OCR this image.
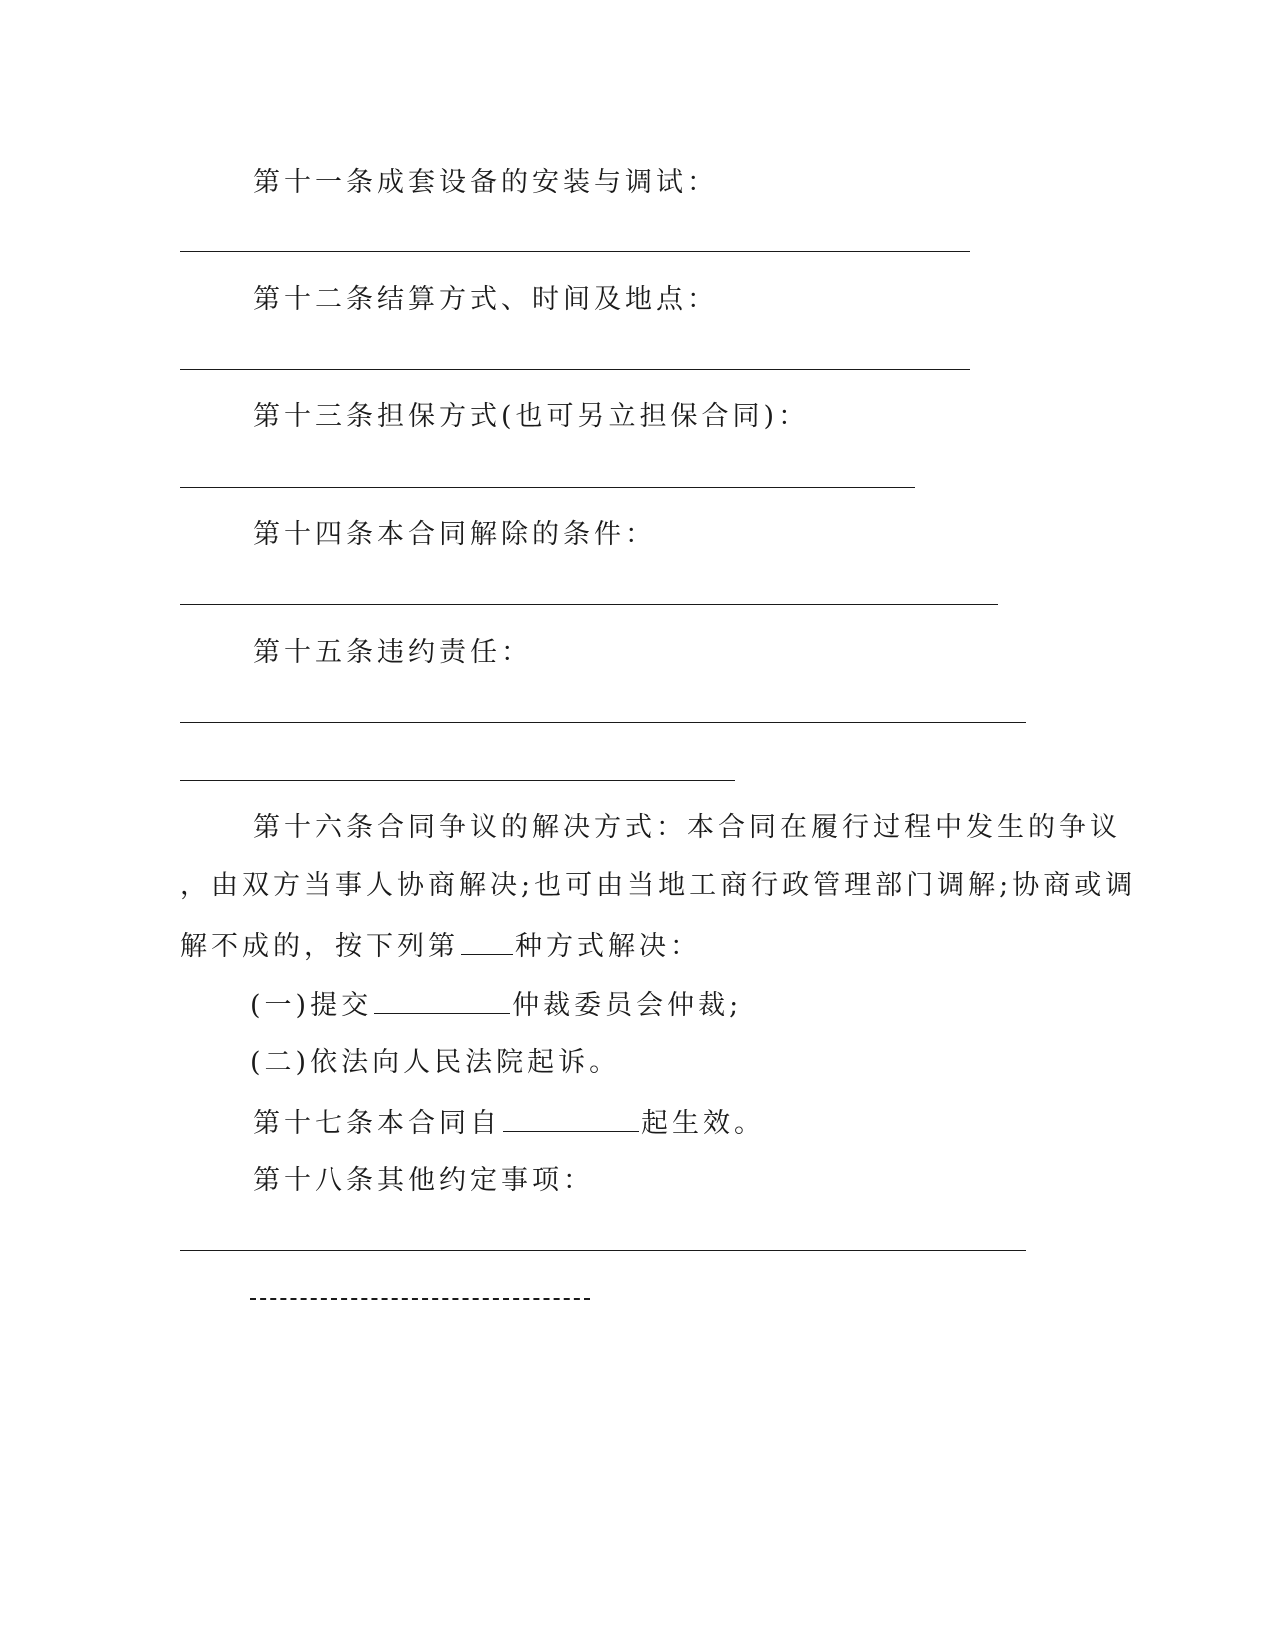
第十一条成套设备的安装与调试：
第十二条结算方式、时间及地点：
第十三条担保方式(也可另立担保合同)：
第十四条本合同解除的条件：
第十五条违约责任：
第十六条合同争议的解决方式：本合同在履行过程中发生的争议
，由双方当事人协商解决;也可由当地工商行政管理部门调解;协商或调
解不成的，按下列第 种方式解决：
(一)提交	仲裁委员会仲裁;
(二)依法向人民法院起诉。
第十七条本合同自	起生效。
第十八条其他约定事项：
